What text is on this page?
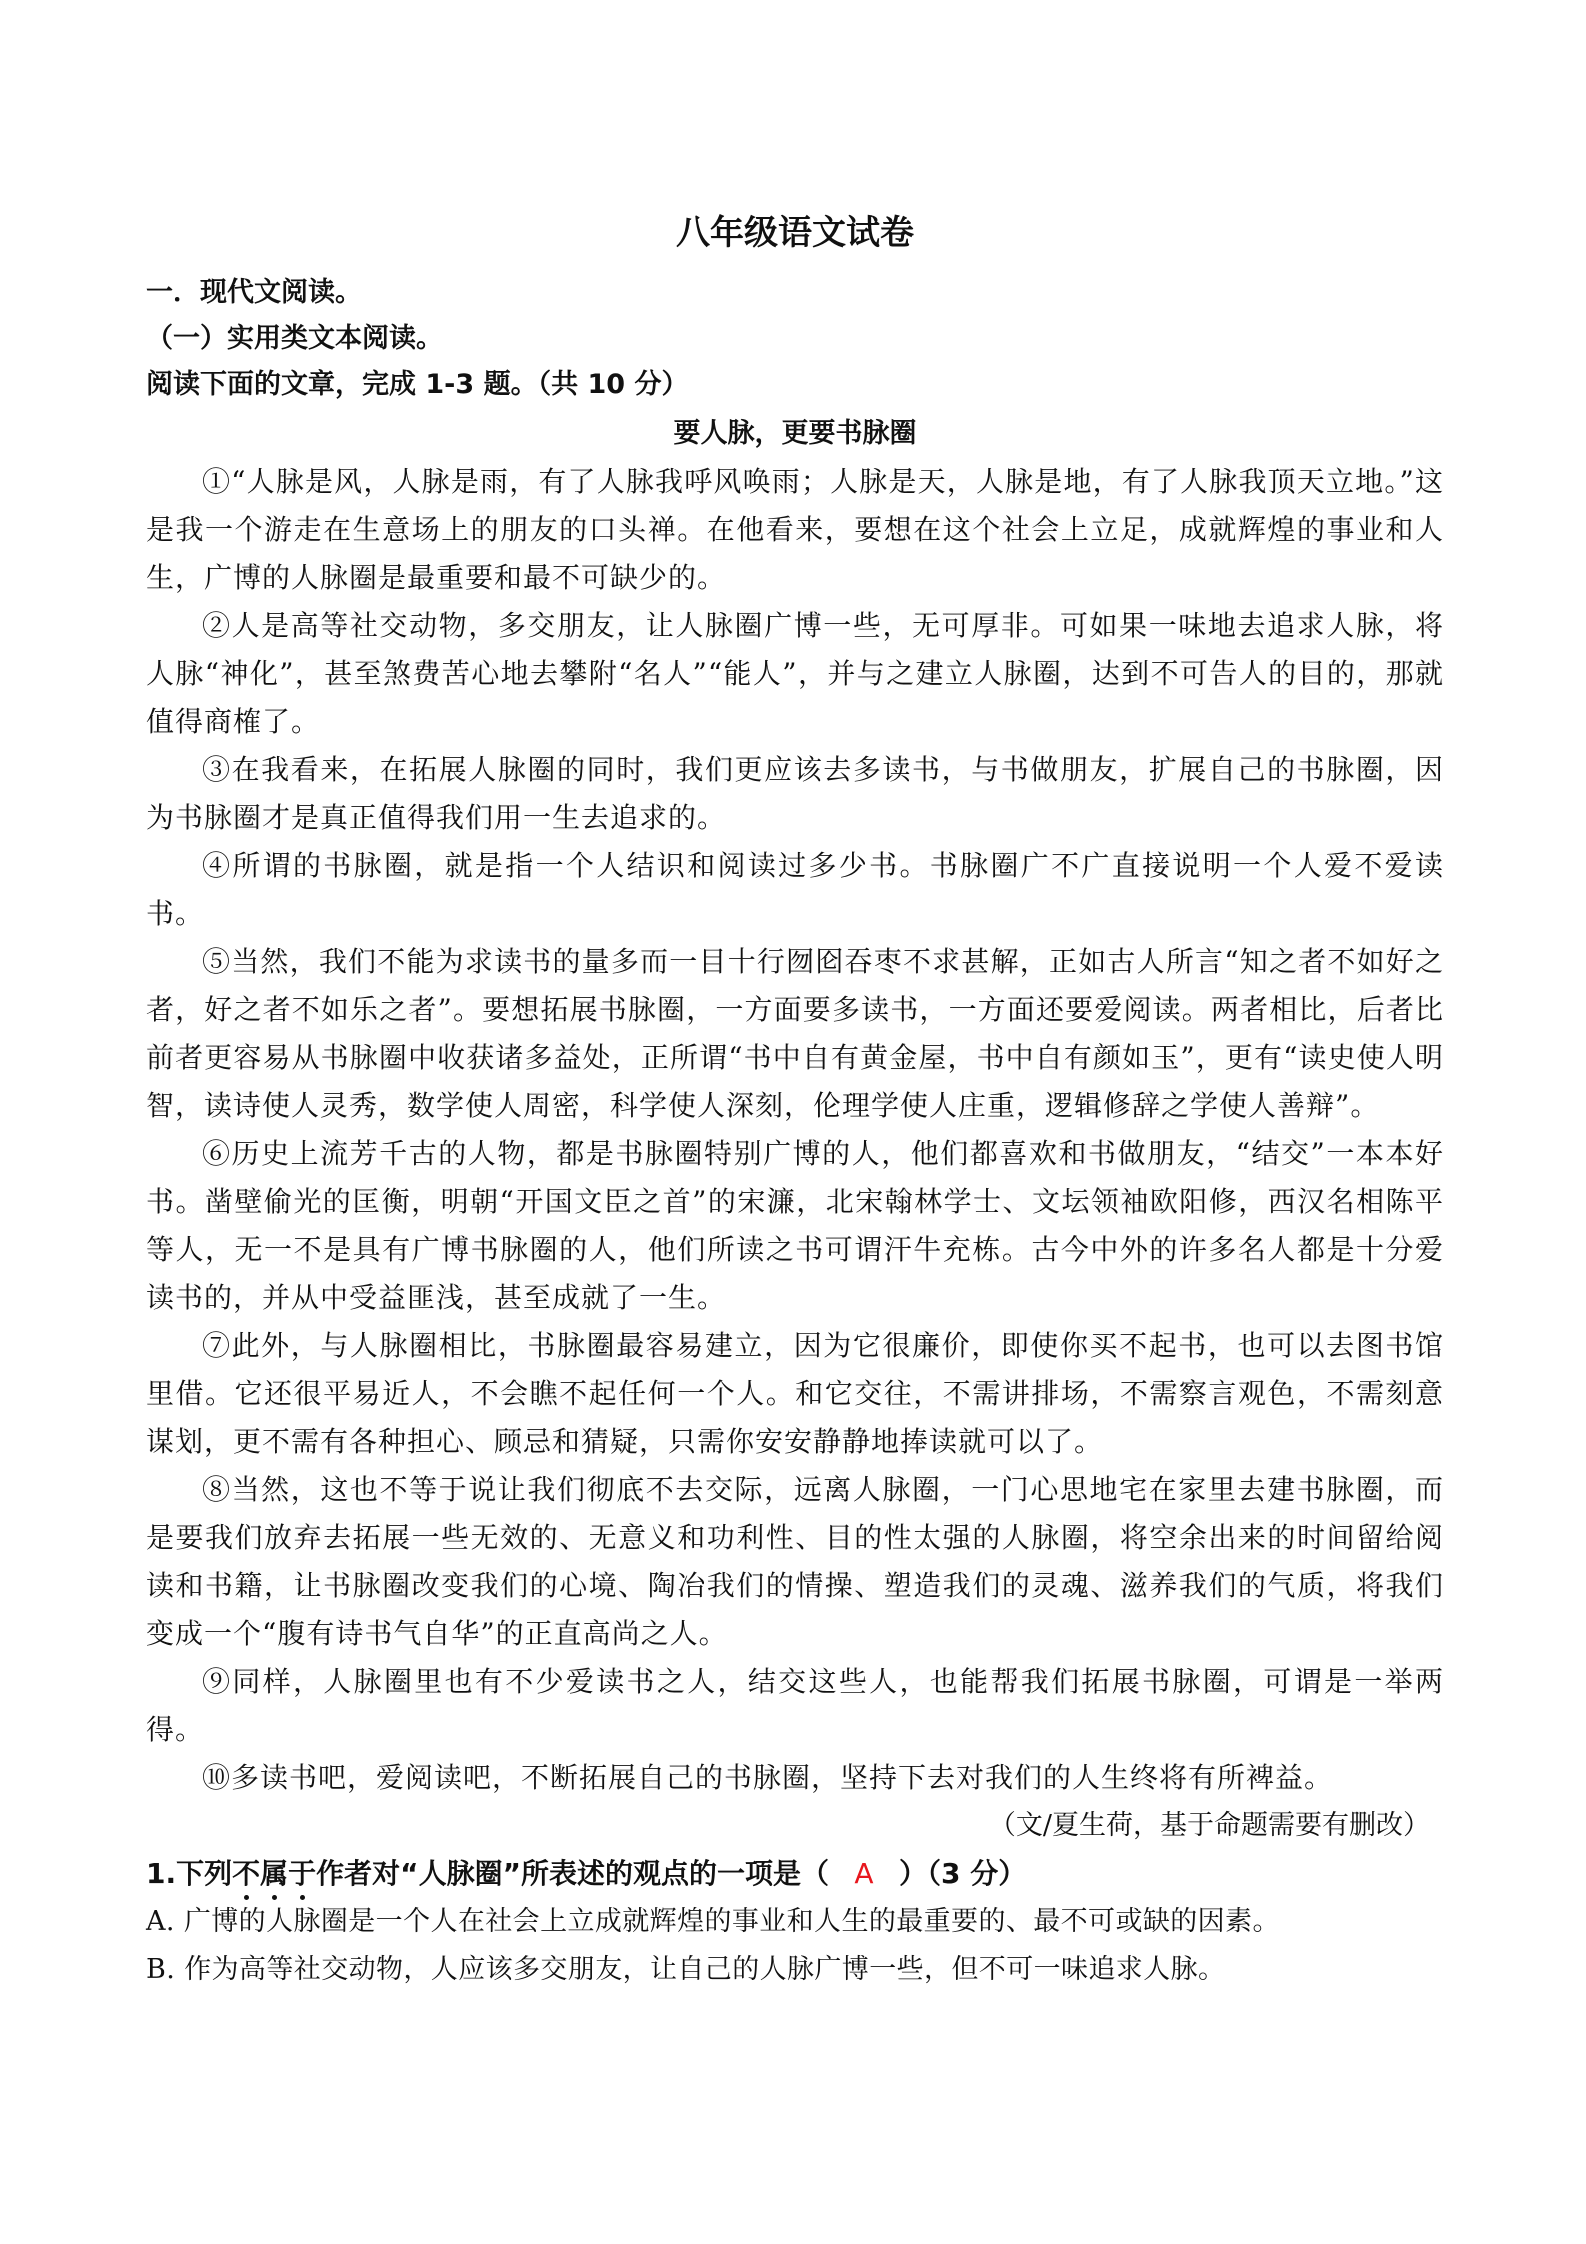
八年级语文试卷
一．现代文阅读。
（一）实用类文本阅读。
阅读下面的文章，完成 1-3 题。（共 10 分）
要人脉，更要书脉圈

①“人脉是风，人脉是雨，有了人脉我呼风唤雨；人脉是天，人脉是地，有了人脉我顶天立地。”这是我一个游走在生意场上的朋友的口头禅。在他看来，要想在这个社会上立足，成就辉煌的事业和人生，广博的人脉圈是最重要和最不可缺少的。

②人是高等社交动物，多交朋友，让人脉圈广博一些，无可厚非。可如果一味地去追求人脉，将人脉“神化”，甚至煞费苦心地去攀附“名人”“能人”，并与之建立人脉圈，达到不可告人的目的，那就值得商榷了。

③在我看来，在拓展人脉圈的同时，我们更应该去多读书，与书做朋友，扩展自己的书脉圈，因为书脉圈才是真正值得我们用一生去追求的。

④所谓的书脉圈，就是指一个人结识和阅读过多少书。书脉圈广不广直接说明一个人爱不爱读书。

⑤当然，我们不能为求读书的量多而一目十行囫囵吞枣不求甚解，正如古人所言“知之者不如好之者，好之者不如乐之者”。要想拓展书脉圈，一方面要多读书，一方面还要爱阅读。两者相比，后者比前者更容易从书脉圈中收获诸多益处，正所谓“书中自有黄金屋，书中自有颜如玉”，更有“读史使人明智，读诗使人灵秀，数学使人周密，科学使人深刻，伦理学使人庄重，逻辑修辞之学使人善辩”。

⑥历史上流芳千古的人物，都是书脉圈特别广博的人，他们都喜欢和书做朋友，“结交”一本本好书。凿壁偷光的匡衡，明朝“开国文臣之首”的宋濂，北宋翰林学士、文坛领袖欧阳修，西汉名相陈平等人，无一不是具有广博书脉圈的人，他们所读之书可谓汗牛充栋。古今中外的许多名人都是十分爱读书的，并从中受益匪浅，甚至成就了一生。

⑦此外，与人脉圈相比，书脉圈最容易建立，因为它很廉价，即使你买不起书，也可以去图书馆里借。它还很平易近人，不会瞧不起任何一个人。和它交往，不需讲排场，不需察言观色，不需刻意谋划，更不需有各种担心、顾忌和猜疑，只需你安安静静地捧读就可以了。

⑧当然，这也不等于说让我们彻底不去交际，远离人脉圈，一门心思地宅在家里去建书脉圈，而是要我们放弃去拓展一些无效的、无意义和功利性、目的性太强的人脉圈，将空余出来的时间留给阅读和书籍，让书脉圈改变我们的心境、陶冶我们的情操、塑造我们的灵魂、滋养我们的气质，将我们变成一个“腹有诗书气自华”的正直高尚之人。

⑨同样，人脉圈里也有不少爱读书之人，结交这些人，也能帮我们拓展书脉圈，可谓是一举两得。

⑩多读书吧，爱阅读吧，不断拓展自己的书脉圈，坚持下去对我们的人生终将有所裨益。

（文/夏生荷，基于命题需要有删改）

1.下列不属于作者对“人脉圈”所表述的观点的一项是（ A ）（3 分）

A. 广博的人脉圈是一个人在社会上立成就辉煌的事业和人生的最重要的、最不可或缺的因素。

B. 作为高等社交动物，人应该多交朋友，让自己的人脉广博一些，但不可一味追求人脉。
